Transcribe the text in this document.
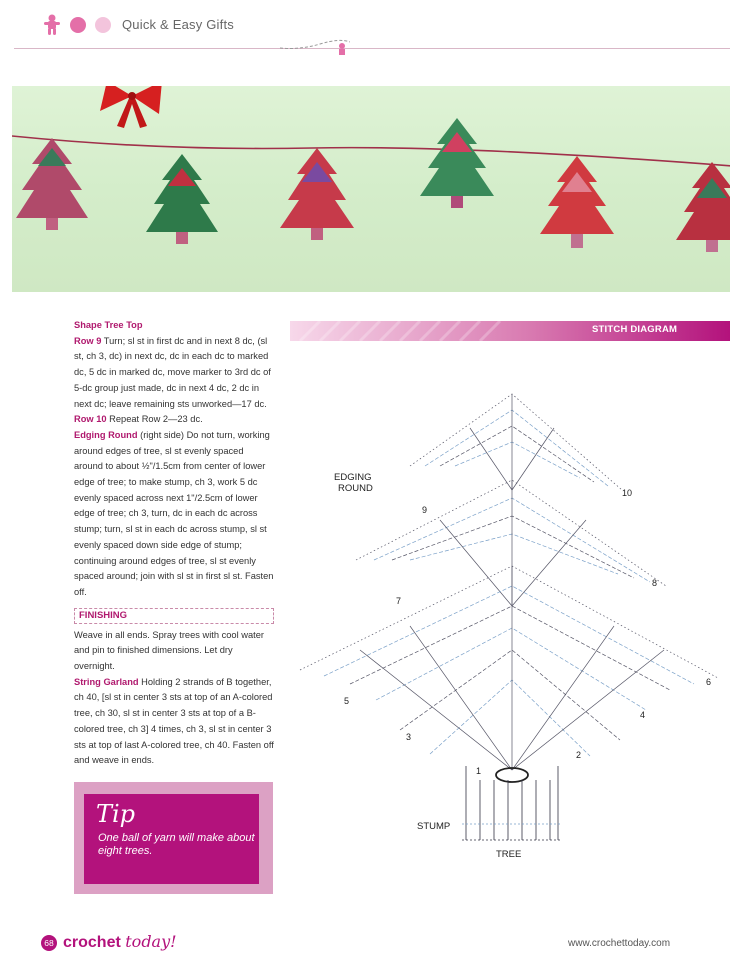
Quick & Easy Gifts

Shape Tree Top

Row 9 Turn; sl st in first dc and in next 8 dc, (sl st, ch 3, dc) in next dc, dc in each dc to marked dc, 5 dc in marked dc, move marker to 3rd dc of 5-dc group just made, dc in next 4 dc, 2 dc in next dc; leave remaining sts unworked—17 dc.

Row 10 Repeat Row 2—23 dc.

Edging Round (right side) Do not turn, working around edges of tree, sl st evenly spaced around to about ½"/1.5cm from center of lower edge of tree; to make stump, ch 3, work 5 dc evenly spaced across next 1"/2.5cm of lower edge of tree; ch 3, turn, dc in each dc across stump; turn, sl st in each dc across stump, sl st evenly spaced down side edge of stump; continuing around edges of tree, sl st evenly spaced around; join with sl st in first sl st. Fasten off.

FINISHING

Weave in all ends. Spray trees with cool water and pin to finished dimensions. Let dry overnight.

String Garland Holding 2 strands of B together, ch 40, [sl st in center 3 sts at top of an A-colored tree, ch 30, sl st in center 3 sts at top of a B-colored tree, ch 3] 4 times, ch 3, sl st in center 3 sts at top of last A-colored tree, ch 40. Fasten off and weave in ends.

Tip
One ball of yarn will make about eight trees.
STITCH DIAGRAM
EDGING
ROUND
STUMP
TREE
1
2
3
4
5
6
7
8
9
10
68 crochet today!	www.crochettoday.com
